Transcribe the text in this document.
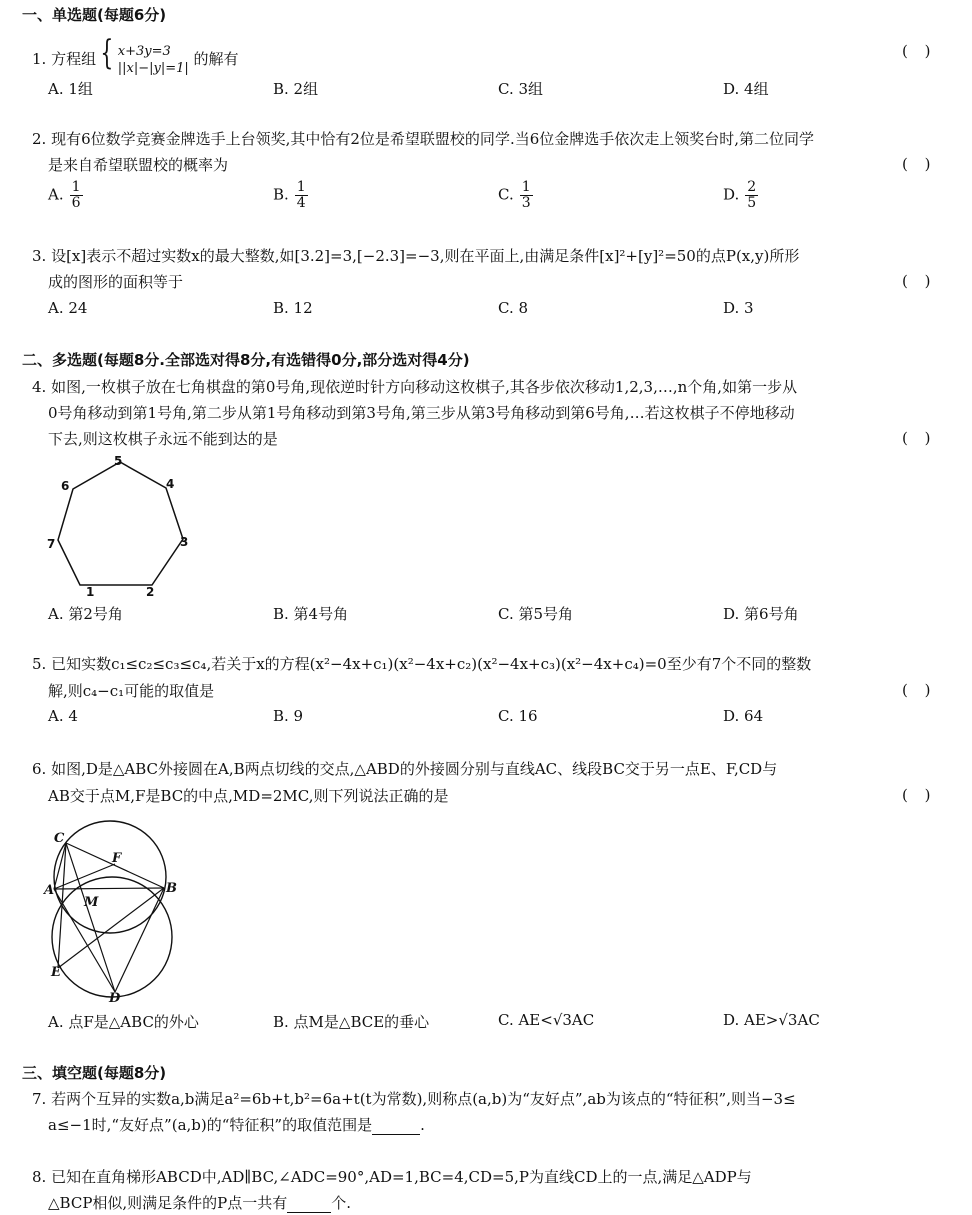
一、单选题(每题6分)
1. 方程组 { x+3y=3
||x|−|y|=1|
的解有	( )
A. 1组	B. 2组	C. 3组	D. 4组
2. 现有6位数学竞赛金牌选手上台领奖,其中恰有2位是希望联盟校的同学.当6位金牌选手依次走上领奖台时,第二位同学
是来自希望联盟校的概率为	( )
A. $\frac{1}{6}$	B. $\frac{1}{4}$	C. $\frac{1}{3}$	D. $\frac{2}{5}$
3. 设[x]表示不超过实数x的最大整数,如[3.2]=3,[−2.3]=−3,则在平面上,由满足条件[x]²+[y]²=50的点P(x,y)所形
成的图形的面积等于	( )
A. 24	B. 12	C. 8	D. 3
二、多选题(每题8分.全部选对得8分,有选错得0分,部分选对得4分)
4. 如图,一枚棋子放在七角棋盘的第0号角,现依逆时针方向移动这枚棋子,其各步依次移动1,2,3,…,n个角,如第一步从
0号角移动到第1号角,第二步从第1号角移动到第3号角,第三步从第3号角移动到第6号角,…若这枚棋子不停地移动
下去,则这枚棋子永远不能到达的是	( )
1	2
3
4
5
6
7
A. 第2号角	B. 第4号角	C. 第5号角	D. 第6号角
5. 已知实数c₁≤c₂≤c₃≤c₄,若关于x的方程(x²−4x+c₁)(x²−4x+c₂)(x²−4x+c₃)(x²−4x+c₄)=0至少有7个不同的整数
解,则c₄−c₁可能的取值是	( )
A. 4	B. 9	C. 16	D. 64
6. 如图,D是△ABC外接圆在A,B两点切线的交点,△ABD的外接圆分别与直线AC、线段BC交于另一点E、F,CD与
AB交于点M,F是BC的中点,MD=2MC,则下列说法正确的是	( )
C
F
A
M
B
E
D
A. 点F是△ABC的外心	B. 点M是△BCE的垂心	C. AE<√3AC	D. AE>√3AC
三、填空题(每题8分)
7. 若两个互异的实数a,b满足a²=6b+t,b²=6a+t(t为常数),则称点(a,b)为“友好点”,ab为该点的“特征积”,则当−3≤
a≤−1时,“友好点”(a,b)的“特征积”的取值范围是	.
8. 已知在直角梯形ABCD中,AD∥BC,∠ADC=90°,AD=1,BC=4,CD=5,P为直线CD上的一点,满足△ADP与
△BCP相似,则满足条件的P点一共有	个.
